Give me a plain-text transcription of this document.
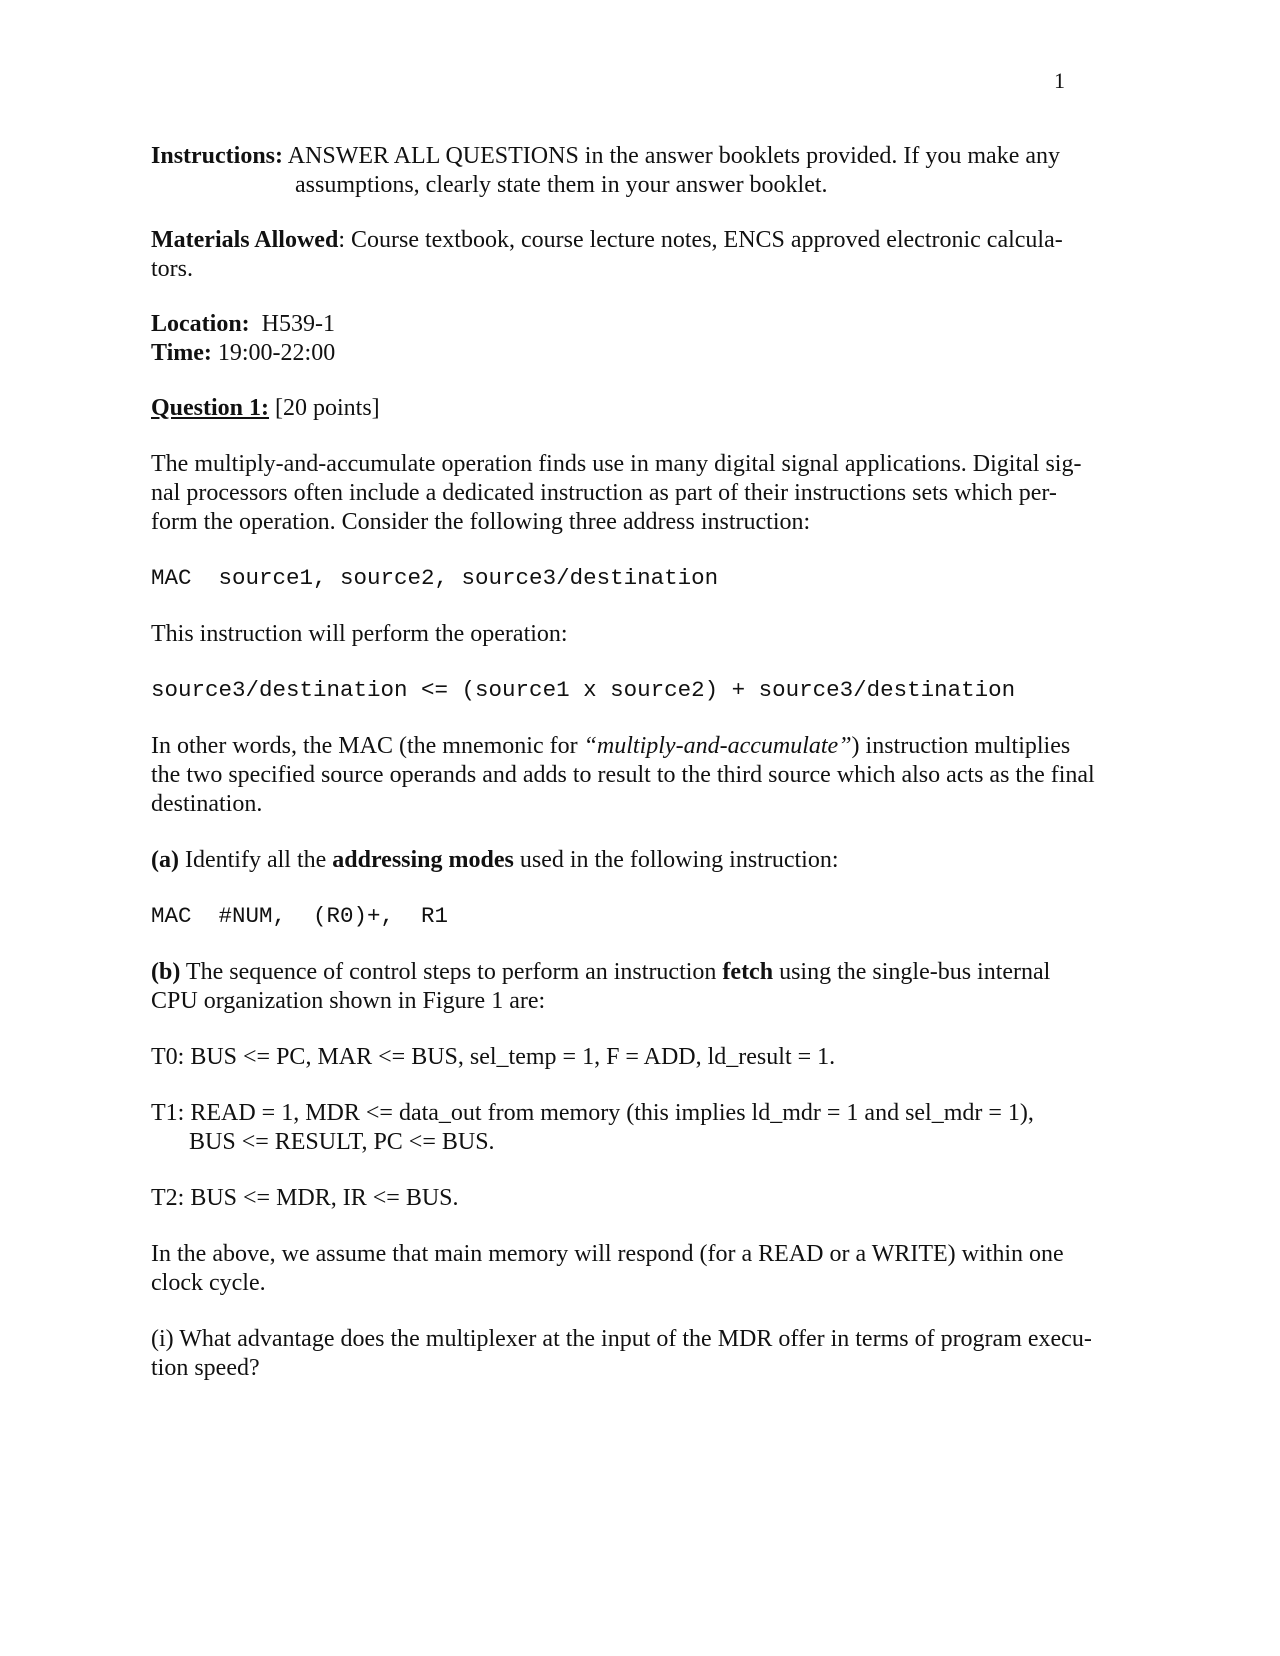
1
Instructions: ANSWER ALL QUESTIONS in the answer booklets provided. If you make any
assumptions, clearly state them in your answer booklet.
Materials Allowed: Course textbook, course lecture notes, ENCS approved electronic calcula-
tors.
Location: H539-1
Time: 19:00-22:00
Question 1: [20 points]
The multiply-and-accumulate operation finds use in many digital signal applications. Digital sig-
nal processors often include a dedicated instruction as part of their instructions sets which per-
form the operation. Consider the following three address instruction:
MAC  source1, source2, source3/destination
This instruction will perform the operation:
source3/destination <= (source1 x source2) + source3/destination
In other words, the MAC (the mnemonic for “multiply-and-accumulate”) instruction multiplies
the two specified source operands and adds to result to the third source which also acts as the final
destination.
(a) Identify all the addressing modes used in the following instruction:
MAC  #NUM,  (R0)+,  R1
(b) The sequence of control steps to perform an instruction fetch using the single-bus internal
CPU organization shown in Figure 1 are:
T0: BUS <= PC, MAR <= BUS, sel_temp = 1, F = ADD, ld_result = 1.
T1: READ = 1, MDR <= data_out from memory (this implies ld_mdr = 1 and sel_mdr = 1),
BUS <= RESULT, PC <= BUS.
T2: BUS <= MDR, IR <= BUS.
In the above, we assume that main memory will respond (for a READ or a WRITE) within one
clock cycle.
(i) What advantage does the multiplexer at the input of the MDR offer in terms of program execu-
tion speed?
